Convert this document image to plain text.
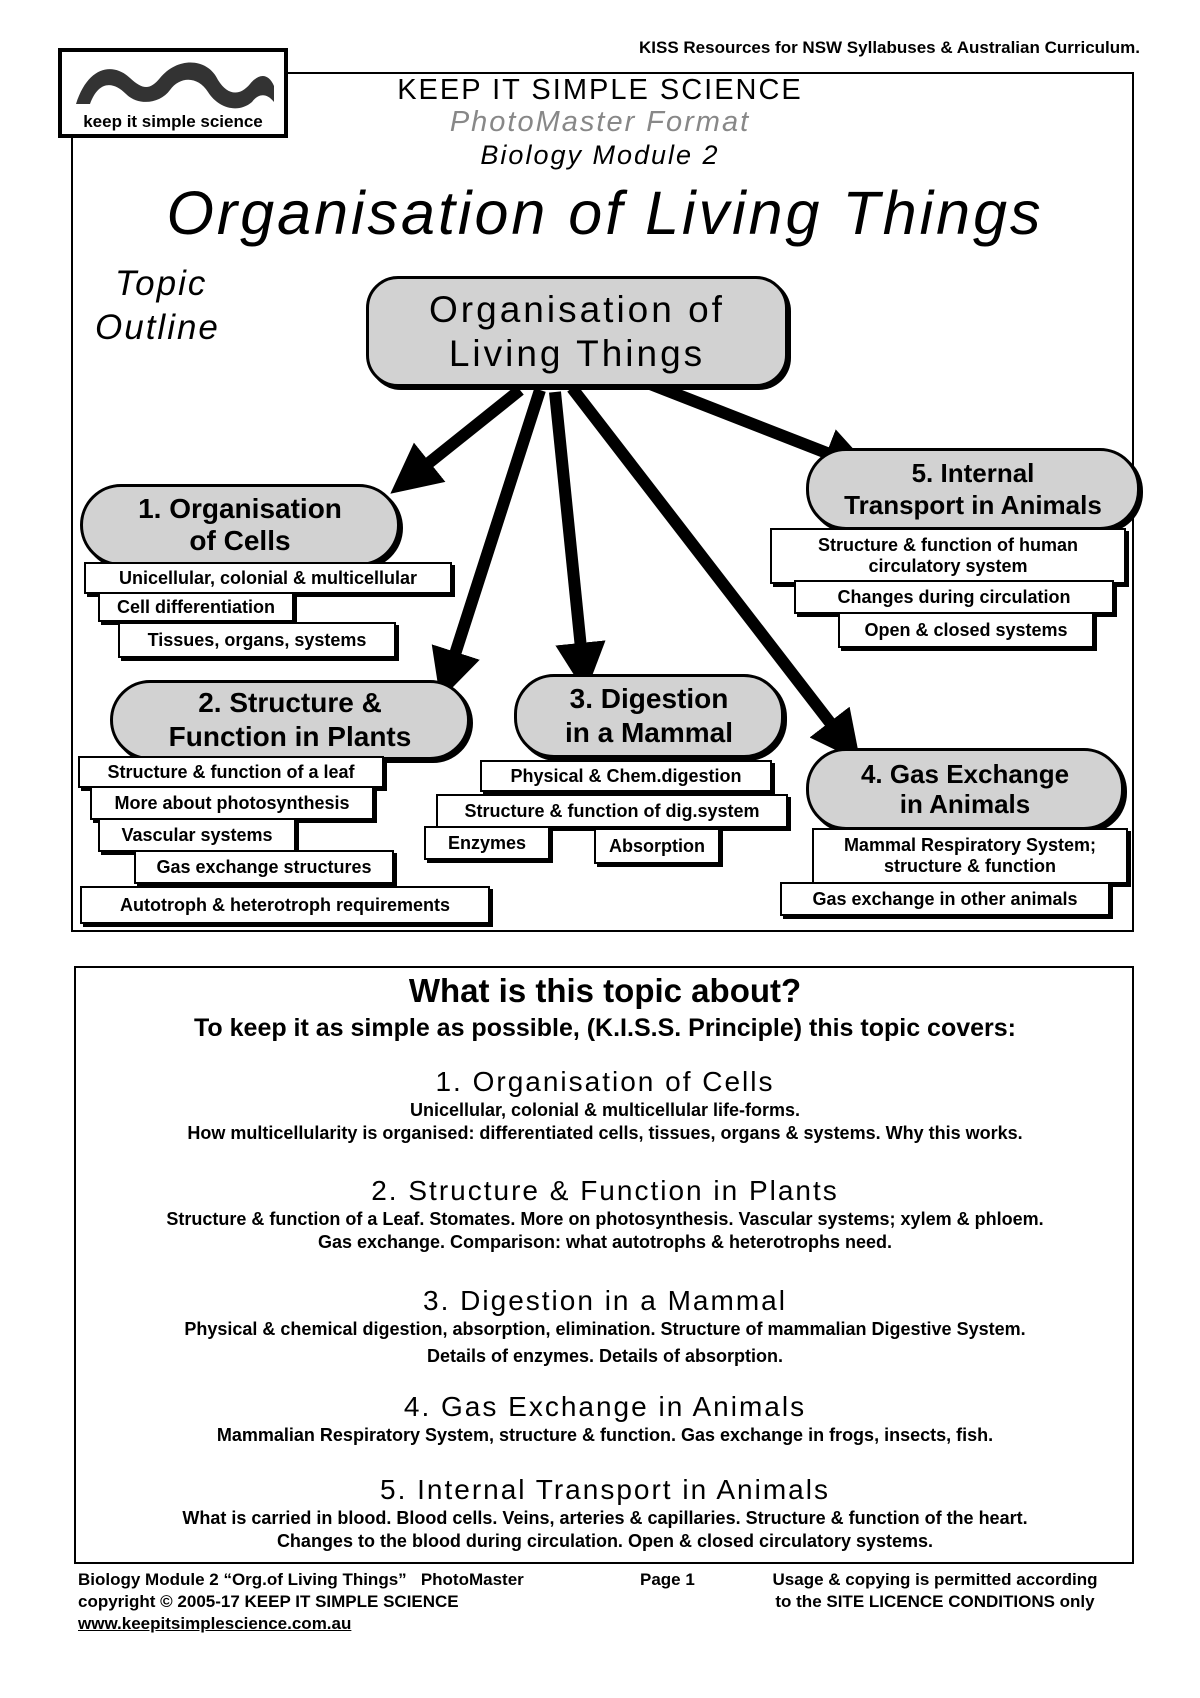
KISS Resources for NSW Syllabuses & Australian Curriculum.
®
keep it simple science
KEEP IT SIMPLE SCIENCE
PhotoMaster Format
Biology Module 2
Organisation of Living Things
Topic
Outline	Organisation of
Living Things
1. Organisation
of Cells
Unicellular, colonial & multicellular
Cell differentiation
Tissues, organs, systems
2. Structure &
Function in Plants
Structure & function of a leaf
More about photosynthesis
Vascular systems
Gas exchange structures
Autotroph & heterotroph requirements
3. Digestion
in a Mammal
Physical & Chem.digestion
Structure & function of dig.system
Enzymes	Absorption
4. Gas Exchange
in Animals
Mammal Respiratory System; structure & function
Gas exchange in other animals
5. Internal
Transport in Animals
Structure & function of human circulatory system
Changes during circulation
Open & closed systems
What is this topic about?
To keep it as simple as possible, (K.I.S.S. Principle) this topic covers:
1. Organisation of Cells
Unicellular, colonial & multicellular life-forms.
How multicellularity is organised: differentiated cells, tissues, organs & systems. Why this works.
2. Structure & Function in Plants
Structure & function of a Leaf. Stomates. More on photosynthesis. Vascular systems; xylem & phloem.
Gas exchange. Comparison: what autotrophs & heterotrophs need.
3. Digestion in a Mammal
Physical & chemical digestion, absorption, elimination. Structure of mammalian Digestive System.
Details of enzymes. Details of absorption.
4. Gas Exchange in Animals
Mammalian Respiratory System, structure & function. Gas exchange in frogs, insects, fish.
5. Internal Transport in Animals
What is carried in blood. Blood cells. Veins, arteries & capillaries. Structure & function of the heart.
Changes to the blood during circulation. Open & closed circulatory systems.
Biology Module 2 “Org.of Living Things”   PhotoMaster
copyright © 2005-17 KEEP IT SIMPLE SCIENCE
www.keepitsimplescience.com.au
Page 1	Usage & copying is permitted according
to the SITE LICENCE CONDITIONS only
